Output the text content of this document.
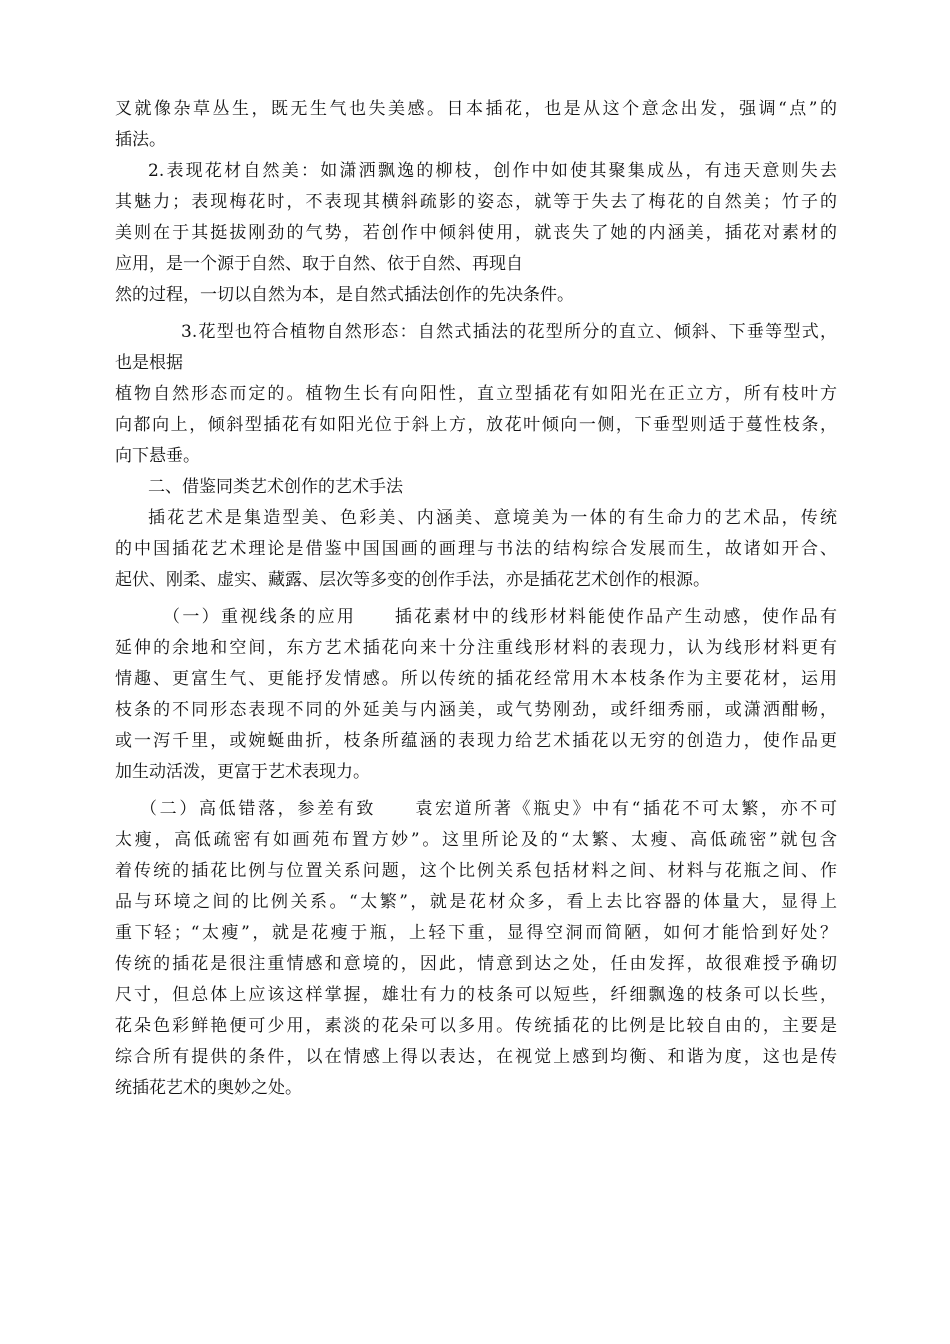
叉就像杂草丛生，既无生气也失美感。日本插花，也是从这个意念出发，强调“点”的
插法。
2.表现花材自然美：如潇洒飘逸的柳枝，创作中如使其聚集成丛，有违天意则失去
其魅力；表现梅花时，不表现其横斜疏影的姿态，就等于失去了梅花的自然美；竹子的
美则在于其挺拔刚劲的气势，若创作中倾斜使用，就丧失了她的内涵美，插花对素材的
应用，是一个源于自然、取于自然、依于自然、再现自
然的过程，一切以自然为本，是自然式插法创作的先决条件。
3.花型也符合植物自然形态：自然式插法的花型所分的直立、倾斜、下垂等型式，
也是根据
植物自然形态而定的。植物生长有向阳性，直立型插花有如阳光在正立方，所有枝叶方
向都向上，倾斜型插花有如阳光位于斜上方，放花叶倾向一侧，下垂型则适于蔓性枝条，
向下悬垂。
二、借鉴同类艺术创作的艺术手法
插花艺术是集造型美、色彩美、内涵美、意境美为一体的有生命力的艺术品，传统
的中国插花艺术理论是借鉴中国国画的画理与书法的结构综合发展而生，故诸如开合、
起伏、刚柔、虚实、藏露、层次等多变的创作手法，亦是插花艺术创作的根源。
（一）重视线条的应用　　插花素材中的线形材料能使作品产生动感，使作品有
延伸的余地和空间，东方艺术插花向来十分注重线形材料的表现力，认为线形材料更有
情趣、更富生气、更能抒发情感。所以传统的插花经常用木本枝条作为主要花材，运用
枝条的不同形态表现不同的外延美与内涵美，或气势刚劲，或纤细秀丽，或潇洒酣畅，
或一泻千里，或婉蜒曲折，枝条所蕴涵的表现力给艺术插花以无穷的创造力，使作品更
加生动活泼，更富于艺术表现力。
（二）高低错落，参差有致　　袁宏道所著《瓶史》中有“插花不可太繁，亦不可
太瘦，高低疏密有如画苑布置方妙”。这里所论及的“太繁、太瘦、高低疏密”就包含
着传统的插花比例与位置关系问题，这个比例关系包括材料之间、材料与花瓶之间、作
品与环境之间的比例关系。“太繁”，就是花材众多，看上去比容器的体量大，显得上
重下轻；“太瘦”，就是花瘦于瓶，上轻下重，显得空洞而简陋，如何才能恰到好处？
传统的插花是很注重情感和意境的，因此，情意到达之处，任由发挥，故很难授予确切
尺寸，但总体上应该这样掌握，雄壮有力的枝条可以短些，纤细飘逸的枝条可以长些，
花朵色彩鲜艳便可少用，素淡的花朵可以多用。传统插花的比例是比较自由的，主要是
综合所有提供的条件，以在情感上得以表达，在视觉上感到均衡、和谐为度，这也是传
统插花艺术的奥妙之处。
